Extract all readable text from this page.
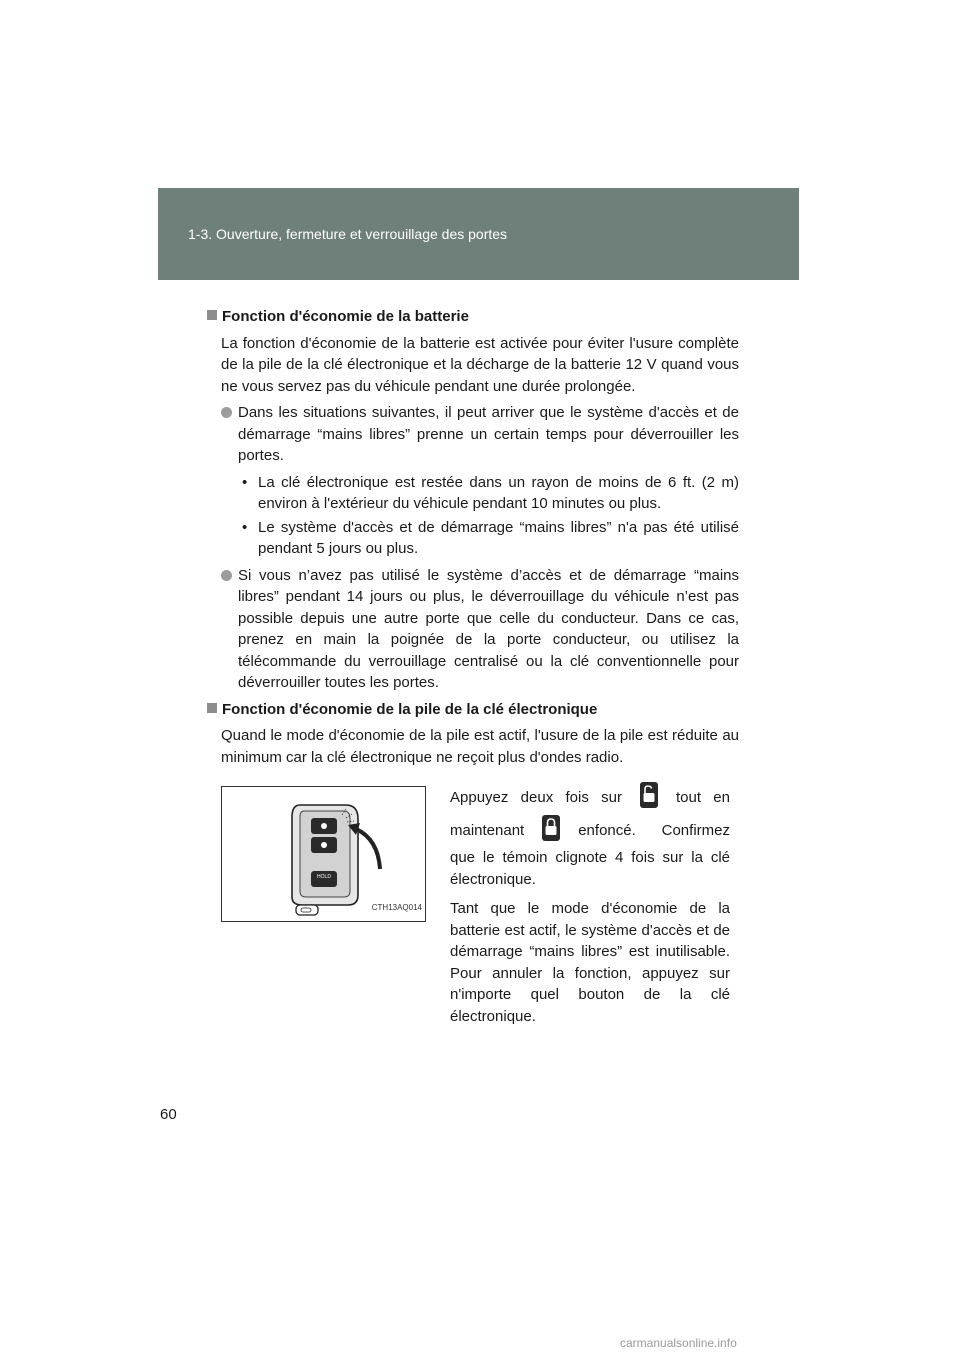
1-3. Ouverture, fermeture et verrouillage des portes
Fonction d'économie de la batterie

La fonction d'économie de la batterie est activée pour éviter l'usure complète de la pile de la clé électronique et la décharge de la batterie 12 V quand vous ne vous servez pas du véhicule pendant une durée prolongée.

Dans les situations suivantes, il peut arriver que le système d'accès et de démarrage “mains libres” prenne un certain temps pour déverrouiller les portes.
• La clé électronique est restée dans un rayon de moins de 6 ft. (2 m) environ à l'extérieur du véhicule pendant 10 minutes ou plus.
• Le système d'accès et de démarrage “mains libres” n'a pas été utilisé pendant 5 jours ou plus.
Si vous n’avez pas utilisé le système d’accès et de démarrage “mains libres” pendant 14 jours ou plus, le déverrouillage du véhicule n’est pas possible depuis une autre porte que celle du conducteur. Dans ce cas, prenez en main la poignée de la porte conducteur, ou utilisez la télécommande du verrouillage centralisé ou la clé conventionnelle pour déverrouiller toutes les portes.
Fonction d'économie de la pile de la clé électronique

Quand le mode d'économie de la pile est actif, l'usure de la pile est réduite au minimum car la clé électronique ne reçoit plus d'ondes radio.

HOLD
CTH13AQ014

Appuyez deux fois sur	tout en maintenant	enfoncé. Confirmez que le témoin clignote 4 fois sur la clé électronique.

Tant que le mode d'économie de la batterie est actif, le système d'accès et de démarrage “mains libres” est inutilisable. Pour annuler la fonction, appuyez sur n'importe quel bouton de la clé électronique.

60
carmanualsonline.info
